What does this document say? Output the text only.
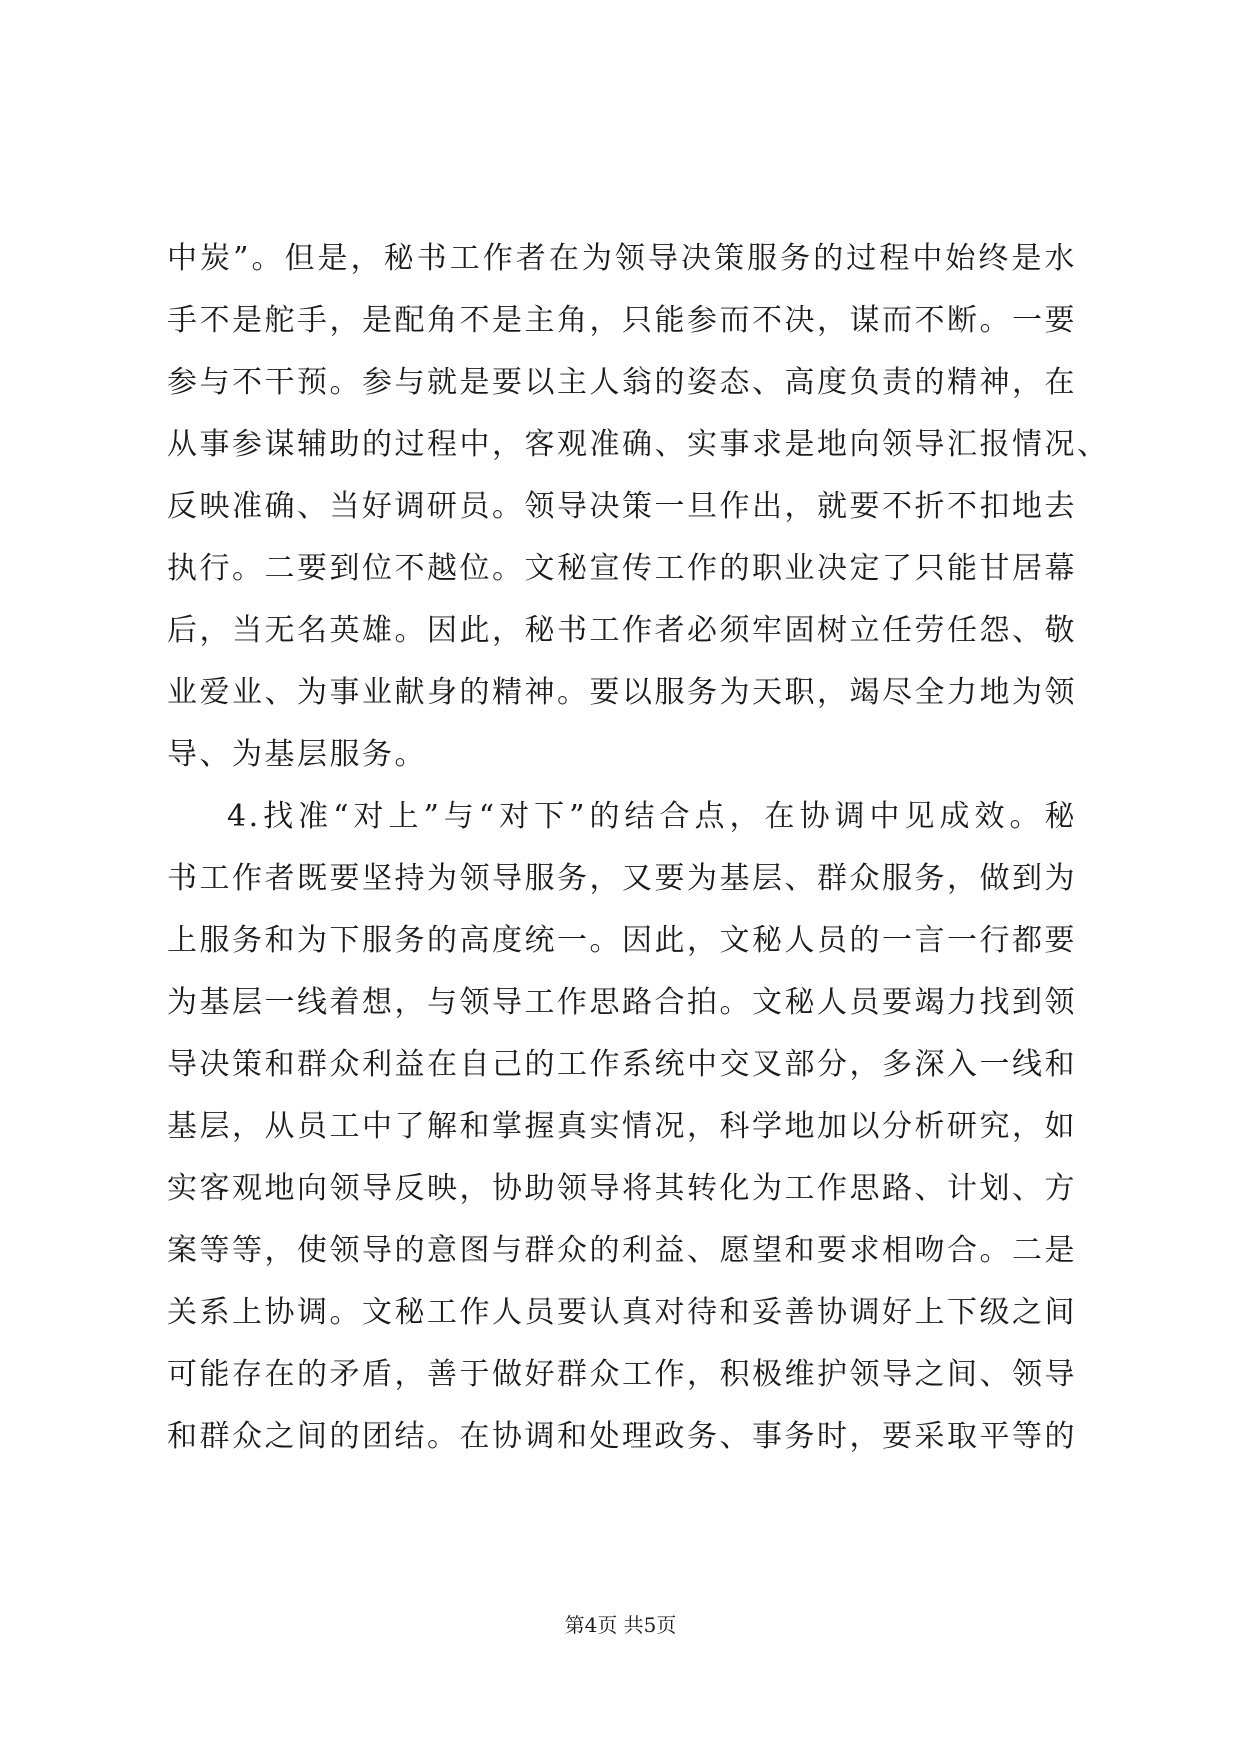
中炭”。但是，秘书工作者在为领导决策服务的过程中始终是水
手不是舵手，是配角不是主角，只能参而不决，谋而不断。一要
参与不干预。参与就是要以主人翁的姿态、高度负责的精神，在
从事参谋辅助的过程中，客观准确、实事求是地向领导汇报情况、
反映准确、当好调研员。领导决策一旦作出，就要不折不扣地去
执行。二要到位不越位。文秘宣传工作的职业决定了只能甘居幕
后，当无名英雄。因此，秘书工作者必须牢固树立任劳任怨、敬
业爱业、为事业献身的精神。要以服务为天职，竭尽全力地为领
导、为基层服务。
4.找准“对上”与“对下”的结合点，在协调中见成效。秘
书工作者既要坚持为领导服务，又要为基层、群众服务，做到为
上服务和为下服务的高度统一。因此，文秘人员的一言一行都要
为基层一线着想，与领导工作思路合拍。文秘人员要竭力找到领
导决策和群众利益在自己的工作系统中交叉部分，多深入一线和
基层，从员工中了解和掌握真实情况，科学地加以分析研究，如
实客观地向领导反映，协助领导将其转化为工作思路、计划、方
案等等，使领导的意图与群众的利益、愿望和要求相吻合。二是
关系上协调。文秘工作人员要认真对待和妥善协调好上下级之间
可能存在的矛盾，善于做好群众工作，积极维护领导之间、领导
和群众之间的团结。在协调和处理政务、事务时，要采取平等的
第4页 共5页
